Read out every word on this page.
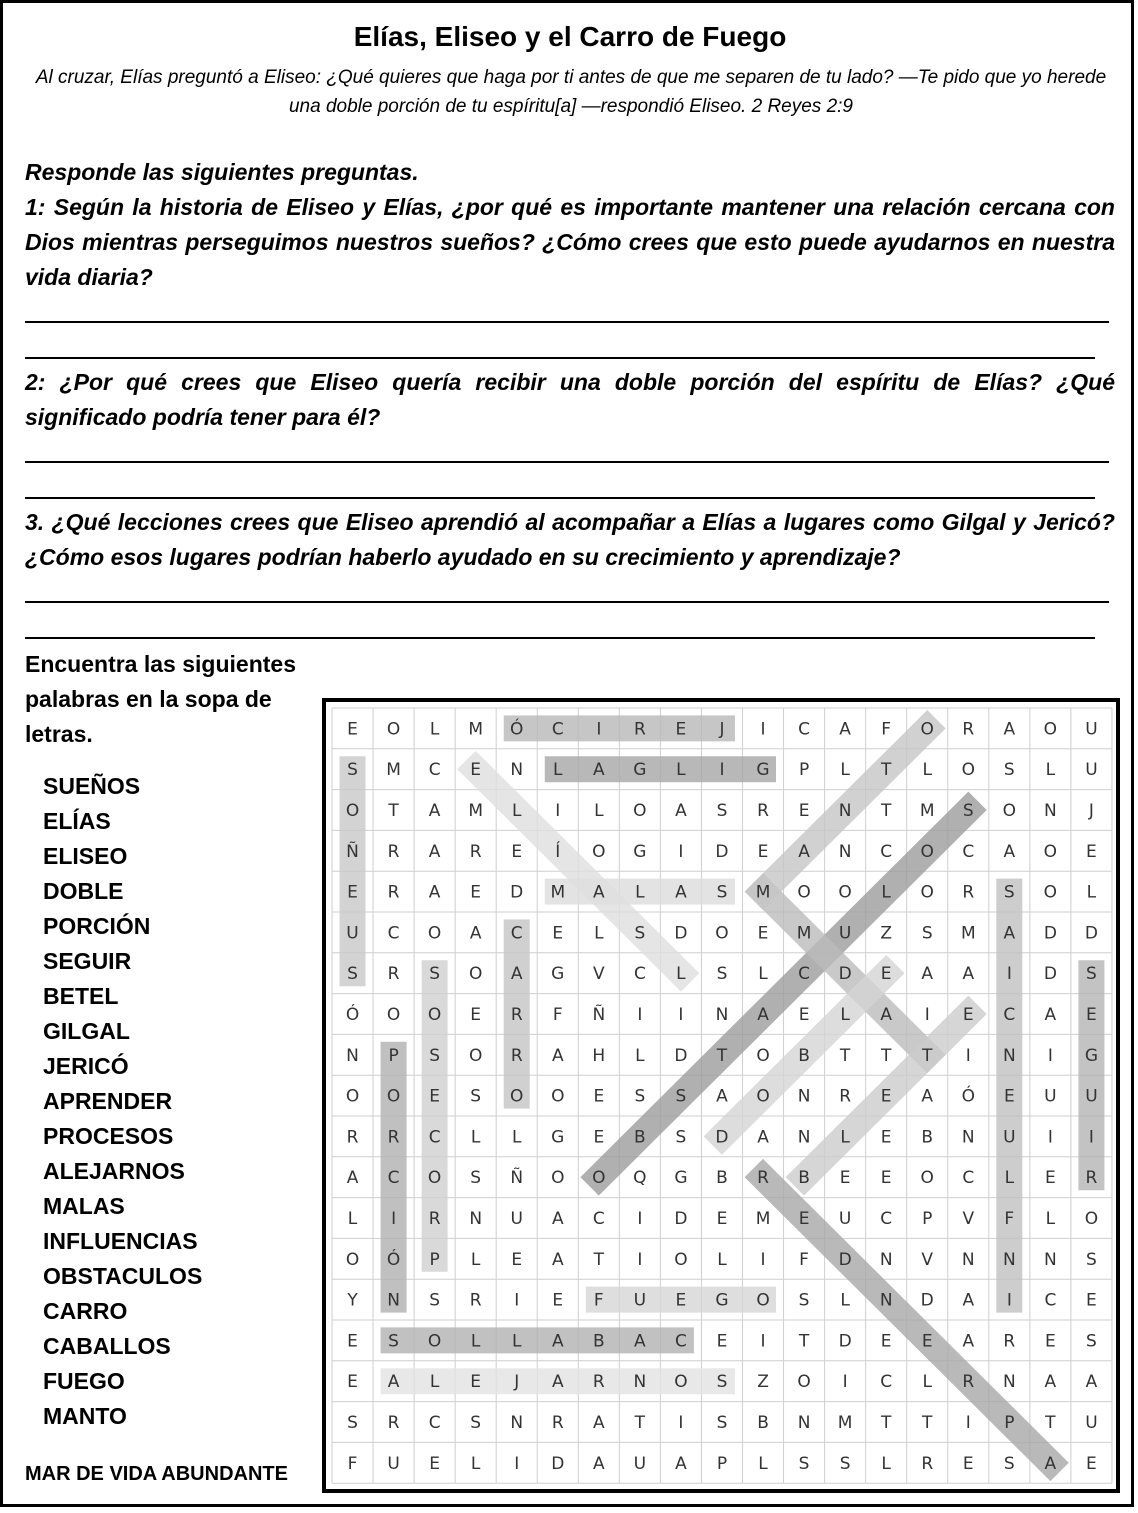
Elías, Eliseo y el Carro de Fuego
Al cruzar, Elías preguntó a Eliseo: ¿Qué quieres que haga por ti antes de que me separen de tu lado? —Te pido que yo herede una doble porción de tu espíritu[a] —respondió Eliseo. 2 Reyes 2:9
Responde las siguientes preguntas.
1: Según la historia de Eliseo y Elías, ¿por qué es importante mantener una relación cercana con Dios mientras perseguimos nuestros sueños? ¿Cómo crees que esto puede ayudarnos en nuestra vida diaria?
2: ¿Por qué crees que Eliseo quería recibir una doble porción del espíritu de Elías? ¿Qué significado podría tener para él?
3. ¿Qué lecciones crees que Eliseo aprendió al acompañar a Elías a lugares como Gilgal y Jericó? ¿Cómo esos lugares podrían haberlo ayudado en su crecimiento y aprendizaje?
Encuentra las siguientes palabras en la sopa de letras.
SUEÑOS
ELÍAS
ELISEO
DOBLE
PORCIÓN
SEGUIR
BETEL
GILGAL
JERICÓ
APRENDER
PROCESOS
ALEJARNOS
MALAS
INFLUENCIAS
OBSTACULOS
CARRO
CABALLOS
FUEGO
MANTO
MAR DE VIDA ABUNDANTE
E O L M Ó C I R E J I C A F O R A O U
S M C E N L A G L I G P L T L O S L U
O T A M L I L O A S R E N T M S O N J
Ñ R A R E Í O G I D E A N C O C A O E
E R A E D M A L A S M O O L O R S O L
U C O A C E L S D O E M U Z S M A D D
S R S O A G V C L S L C D E A A I D S
Ó O O E R F Ñ I I N A E L A I E C A E
N P S O R A H L D T O B T T T I N I G
O O E S O O E S S A O N R E A Ó E U U
R R C L L G E B S D A N L E B N U I I
A C O S Ñ O O Q G B R B E E O C L E R
L I R N U A C I D E M E U C P V F L O
O Ó P L E A T I O L I F D N V N N N S
Y N S R I E F U E G O S L N D A I C E
E S O L L A B A C E I T D E E A R E S
E A L E J A R N O S Z O I C L R N A A
S R C S N R A T I S B N M T T I P T U
F U E L I D A U A P L S S L R E S A E
